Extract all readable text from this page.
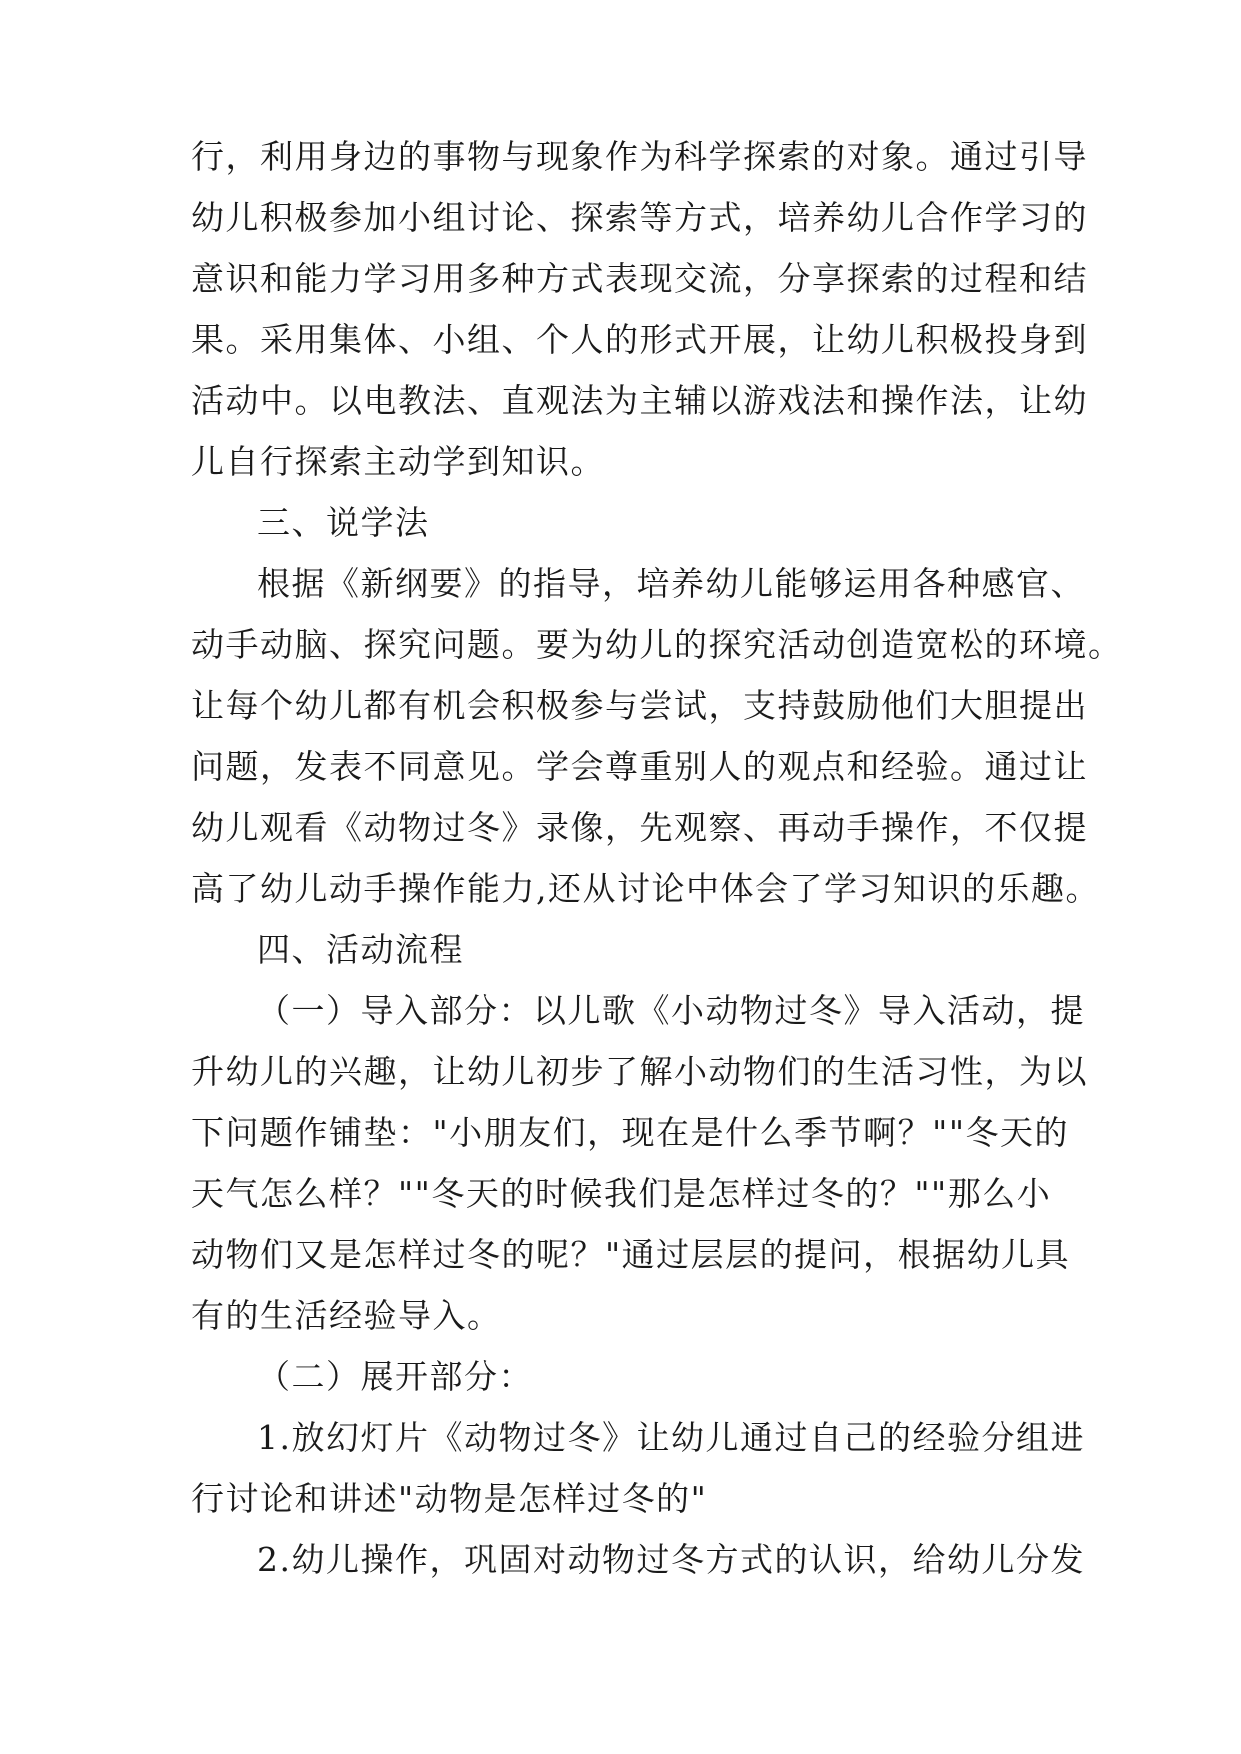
行，利用身边的事物与现象作为科学探索的对象。通过引导
幼儿积极参加小组讨论、探索等方式，培养幼儿合作学习的
意识和能力学习用多种方式表现交流，分享探索的过程和结
果。采用集体、小组、个人的形式开展，让幼儿积极投身到
活动中。以电教法、直观法为主辅以游戏法和操作法，让幼
儿自行探索主动学到知识。
三、说学法
根据《新纲要》的指导，培养幼儿能够运用各种感官、
动手动脑、探究问题。要为幼儿的探究活动创造宽松的环境。
让每个幼儿都有机会积极参与尝试，支持鼓励他们大胆提出
问题，发表不同意见。学会尊重别人的观点和经验。通过让
幼儿观看《动物过冬》录像，先观察、再动手操作，不仅提
高了幼儿动手操作能力,还从讨论中体会了学习知识的乐趣。
四、活动流程
（一）导入部分：以儿歌《小动物过冬》导入活动，提
升幼儿的兴趣，让幼儿初步了解小动物们的生活习性，为以
下问题作铺垫："小朋友们，现在是什么季节啊？""冬天的
天气怎么样？""冬天的时候我们是怎样过冬的？""那么小
动物们又是怎样过冬的呢？"通过层层的提问，根据幼儿具
有的生活经验导入。
（二）展开部分：
1.放幻灯片《动物过冬》让幼儿通过自己的经验分组进
行讨论和讲述"动物是怎样过冬的"
2.幼儿操作，巩固对动物过冬方式的认识，给幼儿分发
